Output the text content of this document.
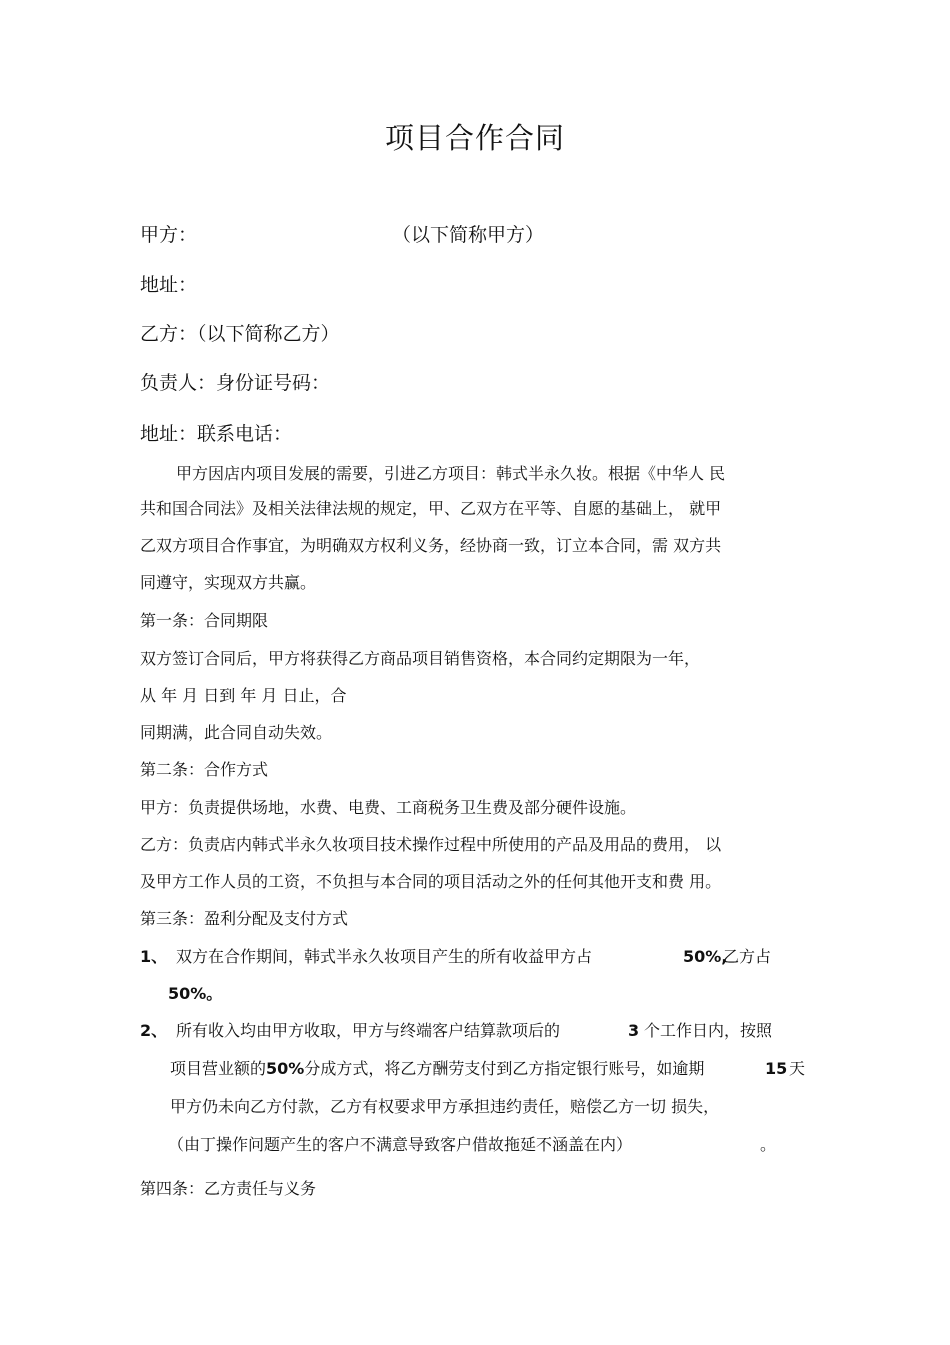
项目合作合同
甲方：	（以下简称甲方）
地址：
乙方：（以下简称乙方）
负责人：身份证号码：
地址：联系电话：
甲方因店内项目发展的需要，引进乙方项目：韩式半永久妆。根据《中华人 民
共和国合同法》及相关法律法规的规定，甲、乙双方在平等、自愿的基础上， 就甲
乙双方项目合作事宜，为明确双方权利义务，经协商一致，订立本合同，需 双方共
同遵守，实现双方共赢。
第一条：合同期限
双方签订合同后，甲方将获得乙方商品项目销售资格，本合同约定期限为一年，
从 年 月 日到 年 月 日止，合
同期满，此合同自动失效。
第二条：合作方式
甲方：负责提供场地，水费、电费、工商税务卫生费及部分硬件设施。
乙方：负责店内韩式半永久妆项目技术操作过程中所使用的产品及用品的费用， 以
及甲方工作人员的工资，不负担与本合同的项目活动之外的任何其他开支和费 用。
第三条：盈利分配及支付方式
1、 双方在合作期间，韩式半永久妆项目产生的所有收益甲方占	50%,
乙方占
50%。
2、 所有收入均由甲方收取，甲方与终端客户结算款项后的	3 个工作日内，按照
项目营业额的50%分成方式，将乙方酬劳支付到乙方指定银行账号，如逾期	15 天
甲方仍未向乙方付款，乙方有权要求甲方承担违约责任，赔偿乙方一切 损失，
（由丁操作问题产生的客户不满意导致客户借故拖延不涵盖在内）	。
第四条：乙方责任与义务
